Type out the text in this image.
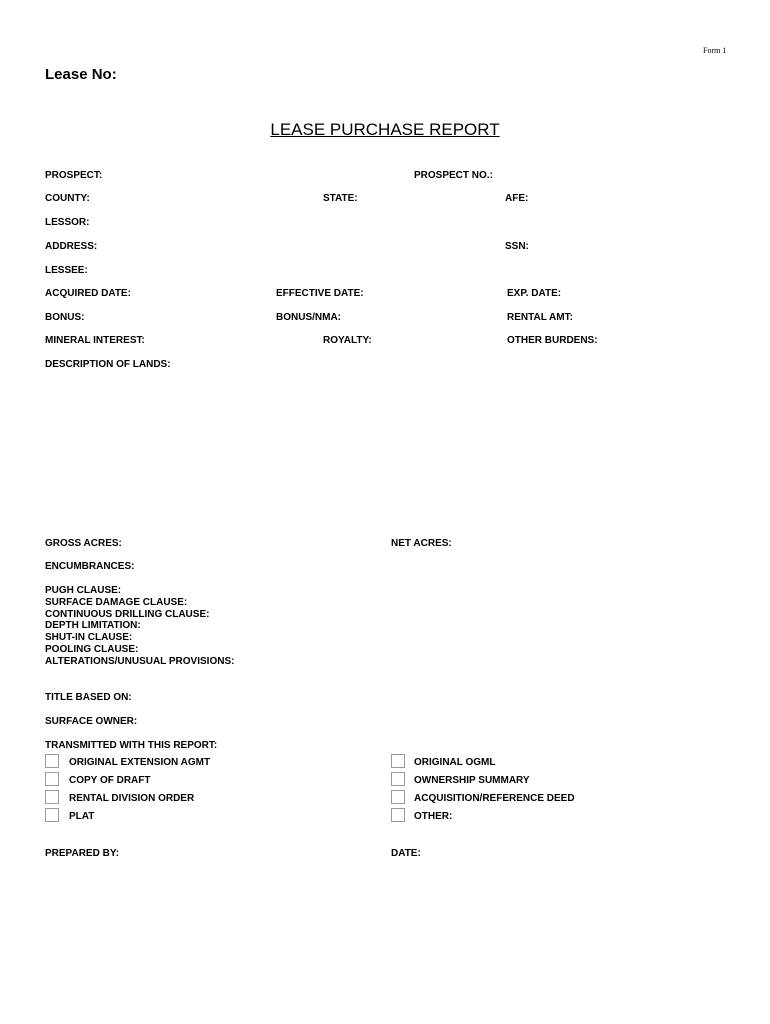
Form 1
Lease No:
LEASE PURCHASE REPORT
PROSPECT:	PROSPECT NO.:
COUNTY:	STATE:	AFE:
LESSOR:
ADDRESS:	SSN:
LESSEE:
ACQUIRED DATE:	EFFECTIVE DATE:	EXP. DATE:
BONUS:	BONUS/NMA:	RENTAL AMT:
MINERAL INTEREST:	ROYALTY:	OTHER BURDENS:
DESCRIPTION OF LANDS:
GROSS ACRES:	NET ACRES:
ENCUMBRANCES:
PUGH CLAUSE:
SURFACE DAMAGE CLAUSE:
CONTINUOUS DRILLING CLAUSE:
DEPTH LIMITATION:
SHUT-IN CLAUSE:
POOLING CLAUSE:
ALTERATIONS/UNUSUAL PROVISIONS:
TITLE BASED ON:
SURFACE OWNER:
TRANSMITTED WITH THIS REPORT:
ORIGINAL EXTENSION AGMT
COPY OF DRAFT
RENTAL DIVISION ORDER
PLAT
ORIGINAL OGML
OWNERSHIP SUMMARY
ACQUISITION/REFERENCE DEED
OTHER:
PREPARED BY:	DATE:
